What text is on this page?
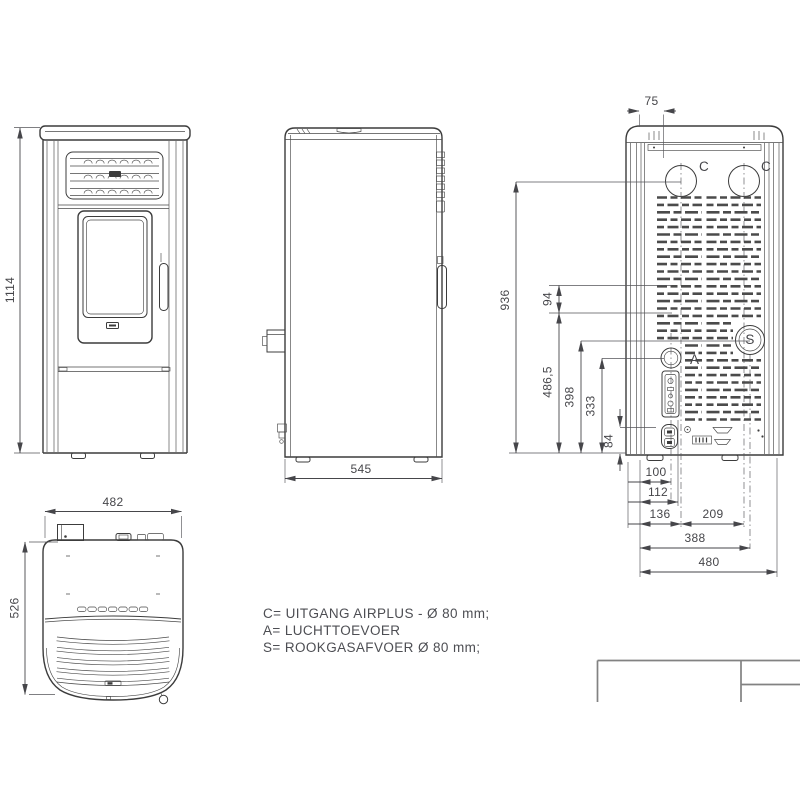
1114
545
C	C
A
S
75
936 94
486,5 398 333
84
100
112
136	209
388
480
482
526	C= UITGANG AIRPLUS - Ø 80 mm;
A= LUCHTTOEVOER
S= ROOKGASAFVOER Ø 80 mm;
